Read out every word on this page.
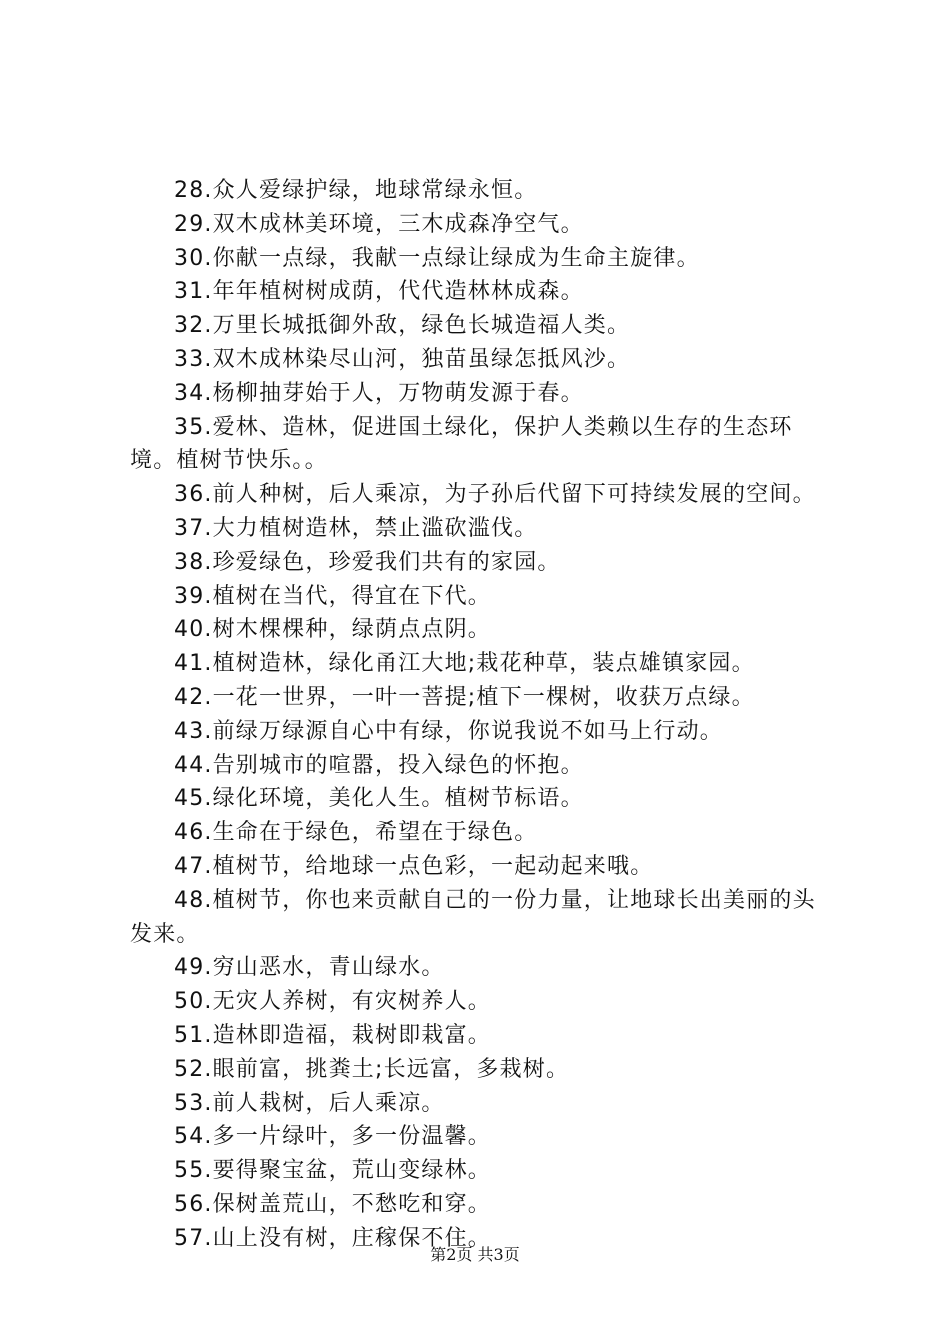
28.众人爱绿护绿，地球常绿永恒。

29.双木成林美环境，三木成森净空气。

30.你献一点绿，我献一点绿让绿成为生命主旋律。

31.年年植树树成荫，代代造林林成森。

32.万里长城抵御外敌，绿色长城造福人类。

33.双木成林染尽山河，独苗虽绿怎抵风沙。

34.杨柳抽芽始于人，万物萌发源于春。

35.爱林、造林，促进国土绿化，保护人类赖以生存的生态环境。植树节快乐。。

36.前人种树，后人乘凉，为子孙后代留下可持续发展的空间。

37.大力植树造林，禁止滥砍滥伐。

38.珍爱绿色，珍爱我们共有的家园。

39.植树在当代，得宜在下代。

40.树木棵棵种，绿荫点点阴。

41.植树造林，绿化甬江大地;栽花种草，装点雄镇家园。

42.一花一世界，一叶一菩提;植下一棵树，收获万点绿。

43.前绿万绿源自心中有绿，你说我说不如马上行动。

44.告别城市的喧嚣，投入绿色的怀抱。

45.绿化环境，美化人生。植树节标语。

46.生命在于绿色，希望在于绿色。

47.植树节，给地球一点色彩，一起动起来哦。

48.植树节，你也来贡献自己的一份力量，让地球长出美丽的头发来。

49.穷山恶水，青山绿水。

50.无灾人养树，有灾树养人。

51.造林即造福，栽树即栽富。

52.眼前富，挑粪土;长远富，多栽树。

53.前人栽树，后人乘凉。

54.多一片绿叶，多一份温馨。

55.要得聚宝盆，荒山变绿林。

56.保树盖荒山，不愁吃和穿。

57.山上没有树，庄稼保不住。

第2页 共3页
